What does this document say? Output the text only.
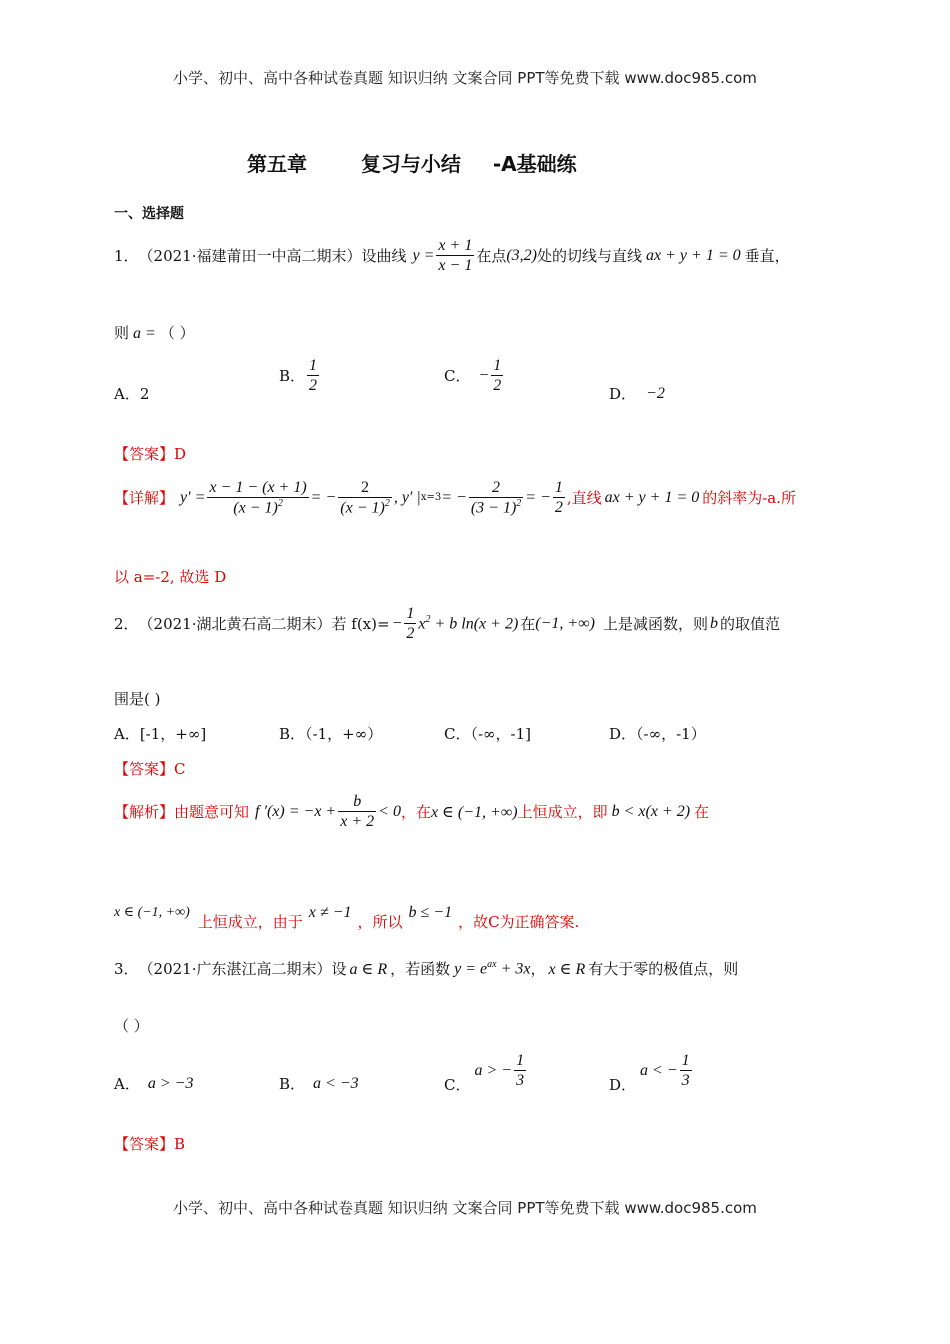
小学、初中、高中各种试卷真题 知识归纳 文案合同 PPT等免费下载 www.doc985.com
第五章	复习与小结 -A基础练
一、选择题
1． （2021·福建莆田一中高二期末） 设曲线 $y = \frac{x + 1}{x - 1}$ 在点 (3,2) 处的切线与直线 ax + y + 1 = 0 垂直，
则 a = （ ）
A． 2
B． $\frac{1}{2}$	C． − $\frac{1}{2}$	D． −2
【答案】D
【详解】 $y' = \frac{x - 1 - (x + 1)}{(x - 1)^2}$ = − $\frac{2}{(x - 1)^2}$ , y′ | x=3 = − $\frac{2}{(3 - 1)^2}$ = − $\frac{1}{2}$ ,直线 ax + y + 1 = 0 的斜率为-a.所
以 a=-2, 故选 D
2． （2021·湖北黄石高二期末） 若 $f(x)= - \frac{1}{2} x^2 + b$ ln(x + 2) 在 (−1, +∞) 上是减函数，则 b 的取值范
围是( )
A．[-1，+∞]	B．（-1，+∞）	C．（-∞，-1]	D．（-∞，-1）
【答案】C
【解析】 由题意可知 f $'(x) = -x + \frac{b}{x + 2} < 0$ ，在 x ∈ (−1, +∞) 上恒成立，即 b < x(x + 2) 在
x ∈ (−1, +∞)
上恒成立，由于
x ≠ −1
，所以
b ≤ −1
，故C为正确答案.
3． （2021·广东湛江高二期末） 设 a ∈ R ，若函数 $y = e^{ax} + 3x$ ， x ∈ R 有大于零的极值点，则
（ ）
A． a > −3	B． a < −3	C．
a > − $\frac{1}{3}$	D．
a < − $\frac{1}{3}$
【答案】B
小学、初中、高中各种试卷真题 知识归纳 文案合同 PPT等免费下载 www.doc985.com
